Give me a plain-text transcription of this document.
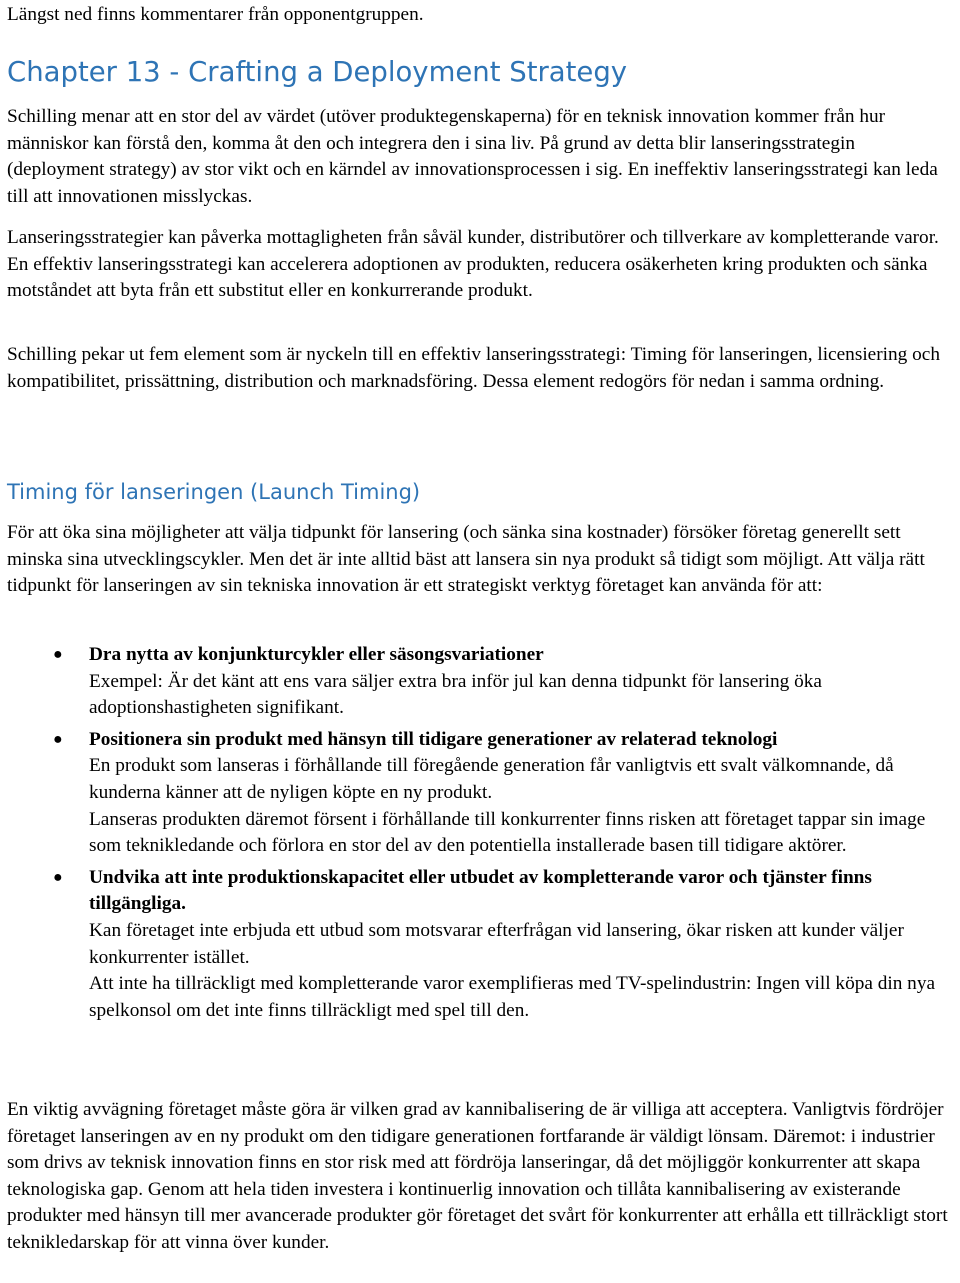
Längst ned finns kommentarer från opponentgruppen.

Chapter 13 - Crafting a Deployment Strategy

Schilling menar att en stor del av värdet (utöver produktegenskaperna) för en teknisk innovation kommer från hur människor kan förstå den, komma åt den och integrera den i sina liv. På grund av detta blir lanseringsstrategin (deployment strategy) av stor vikt och en kärndel av innovationsprocessen i sig. En ineffektiv lanseringsstrategi kan leda till att innovationen misslyckas.

Lanseringsstrategier kan påverka mottagligheten från såväl kunder, distributörer och tillverkare av kompletterande varor. En effektiv lanseringsstrategi kan accelerera adoptionen av produkten, reducera osäkerheten kring produkten och sänka motståndet att byta från ett substitut eller en konkurrerande produkt.

Schilling pekar ut fem element som är nyckeln till en effektiv lanseringsstrategi: Timing för lanseringen, licensiering och kompatibilitet, prissättning, distribution och marknadsföring. Dessa element redogörs för nedan i samma ordning.

Timing för lanseringen (Launch Timing)

För att öka sina möjligheter att välja tidpunkt för lansering (och sänka sina kostnader) försöker företag generellt sett minska sina utvecklingscykler. Men det är inte alltid bäst att lansera sin nya produkt så tidigt som möjligt. Att välja rätt tidpunkt för lanseringen av sin tekniska innovation är ett strategiskt verktyg företaget kan använda för att:

● Dra nytta av konjunkturcykler eller säsongsvariationer
Exempel: Är det känt att ens vara säljer extra bra inför jul kan denna tidpunkt för lansering öka adoptionshastigheten signifikant.
● Positionera sin produkt med hänsyn till tidigare generationer av relaterad teknologi
En produkt som lanseras i förhållande till föregående generation får vanligtvis ett svalt välkomnande, då kunderna känner att de nyligen köpte en ny produkt.
Lanseras produkten däremot försent i förhållande till konkurrenter finns risken att företaget tappar sin image som teknikledande och förlora en stor del av den potentiella installerade basen till tidigare aktörer.
● Undvika att inte produktionskapacitet eller utbudet av kompletterande varor och tjänster finns tillgängliga.
Kan företaget inte erbjuda ett utbud som motsvarar efterfrågan vid lansering, ökar risken att kunder väljer konkurrenter istället.
Att inte ha tillräckligt med kompletterande varor exemplifieras med TV-spelindustrin: Ingen vill köpa din nya spelkonsol om det inte finns tillräckligt med spel till den.

En viktig avvägning företaget måste göra är vilken grad av kannibalisering de är villiga att acceptera. Vanligtvis fördröjer företaget lanseringen av en ny produkt om den tidigare generationen fortfarande är väldigt lönsam. Däremot: i industrier som drivs av teknisk innovation finns en stor risk med att fördröja lanseringar, då det möjliggör konkurrenter att skapa teknologiska gap. Genom att hela tiden investera i kontinuerlig innovation och tillåta kannibalisering av existerande produkter med hänsyn till mer avancerade produkter gör företaget det svårt för konkurrenter att erhålla ett tillräckligt stort teknikledarskap för att vinna över kunder.
